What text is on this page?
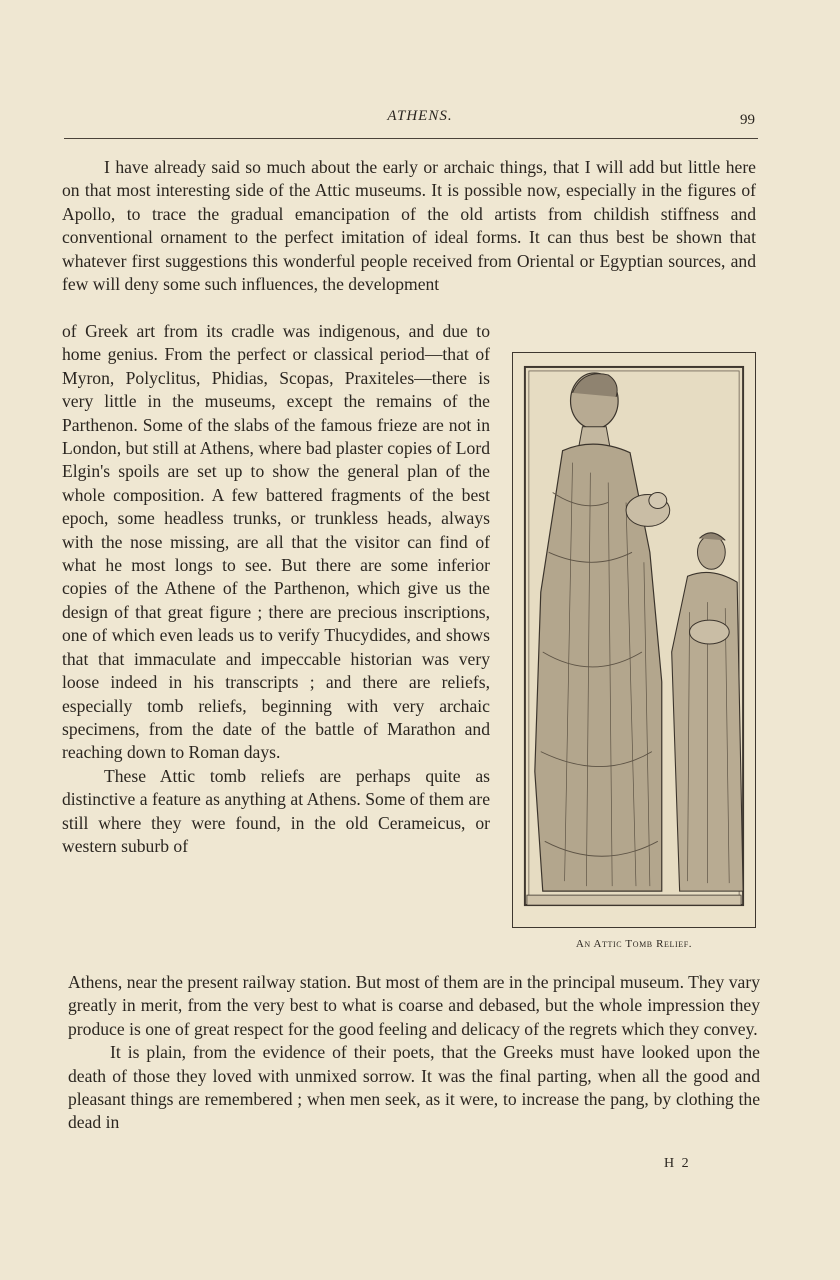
ATHENS.	99

I have already said so much about the early or archaic things, that I will add but little here on that most interesting side of the Attic museums. It is possible now, especially in the figures of Apollo, to trace the gradual emancipation of the old artists from childish stiffness and conventional ornament to the perfect imitation of ideal forms. It can thus best be shown that whatever first suggestions this wonderful people received from Oriental or Egyptian sources, and few will deny some such influences, the development

of Greek art from its cradle was indigenous, and due to home genius. From the perfect or classical period—that of Myron, Polyclitus, Phidias, Scopas, Praxiteles—there is very little in the museums, except the remains of the Parthenon. Some of the slabs of the famous frieze are not in London, but still at Athens, where bad plaster copies of Lord Elgin's spoils are set up to show the general plan of the whole composition. A few battered fragments of the best epoch, some headless trunks, or trunkless heads, always with the nose missing, are all that the visitor can find of what he most longs to see. But there are some inferior copies of the Athene of the Parthenon, which give us the design of that great figure ; there are precious inscriptions, one of which even leads us to verify Thucydides, and shows that that immaculate and impeccable historian was very loose indeed in his transcripts ; and there are reliefs, especially tomb reliefs, beginning with very archaic specimens, from the date of the battle of Marathon and reaching down to Roman days.

These Attic tomb reliefs are perhaps quite as distinctive a feature as anything at Athens. Some of them are still where they were found, in the old Cerameicus, or western suburb of

An Attic Tomb Relief.

Athens, near the present railway station. But most of them are in the principal museum. They vary greatly in merit, from the very best to what is coarse and debased, but the whole impression they produce is one of great respect for the good feeling and delicacy of the regrets which they convey.

It is plain, from the evidence of their poets, that the Greeks must have looked upon the death of those they loved with unmixed sorrow. It was the final parting, when all the good and pleasant things are remembered ; when men seek, as it were, to increase the pang, by clothing the dead in

H 2
